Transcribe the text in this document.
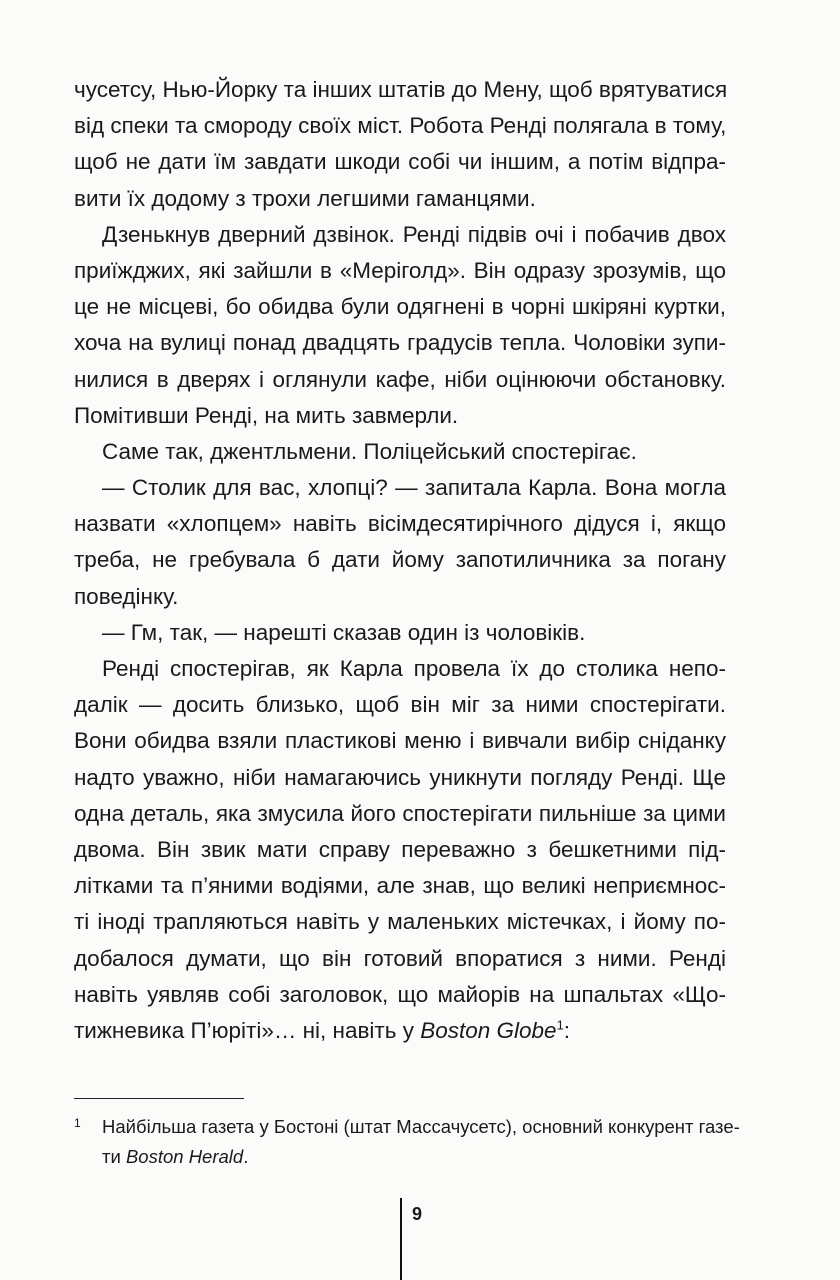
чусетсу, Нью-Йорку та інших штатів до Мену, щоб врятуватися
від спеки та смороду своїх міст. Робота Ренді полягала в тому,
щоб не дати їм завдати шкоди собі чи іншим, а потім відпра-
вити їх додому з трохи легшими гаманцями.
Дзенькнув дверний дзвінок. Ренді підвів очі і побачив двох
приїжджих, які зайшли в «Меріголд». Він одразу зрозумів, що
це не місцеві, бо обидва були одягнені в чорні шкіряні куртки,
хоча на вулиці понад двадцять градусів тепла. Чоловіки зупи-
нилися в дверях і оглянули кафе, ніби оцінюючи обстановку.
Помітивши Ренді, на мить завмерли.
Саме так, джентльмени. Поліцейський спостерігає.
— Столик для вас, хлопці? — запитала Карла. Вона могла
назвати «хлопцем» навіть вісімдесятирічного дідуся і, якщо
треба, не гребувала б дати йому запотиличника за погану
поведінку.
— Гм, так, — нарешті сказав один із чоловіків.
Ренді спостерігав, як Карла провела їх до столика непо-
далік — досить близько, щоб він міг за ними спостерігати.
Вони обидва взяли пластикові меню і вивчали вибір сніданку
надто уважно, ніби намагаючись уникнути погляду Ренді. Ще
одна деталь, яка змусила його спостерігати пильніше за цими
двома. Він звик мати справу переважно з бешкетними під-
літками та п’яними водіями, але знав, що великі неприємнос-
ті іноді трапляються навіть у маленьких містечках, і йому по-
добалося думати, що він готовий впоратися з ними. Ренді
навіть уявляв собі заголовок, що майорів на шпальтах «Що-
тижневика П’юріті»… ні, навіть у Boston Globe$^1$:
1	Найбільша газета у Бостоні (штат Массачусетс), основний конкурент газе-
ти Boston Herald.
9
